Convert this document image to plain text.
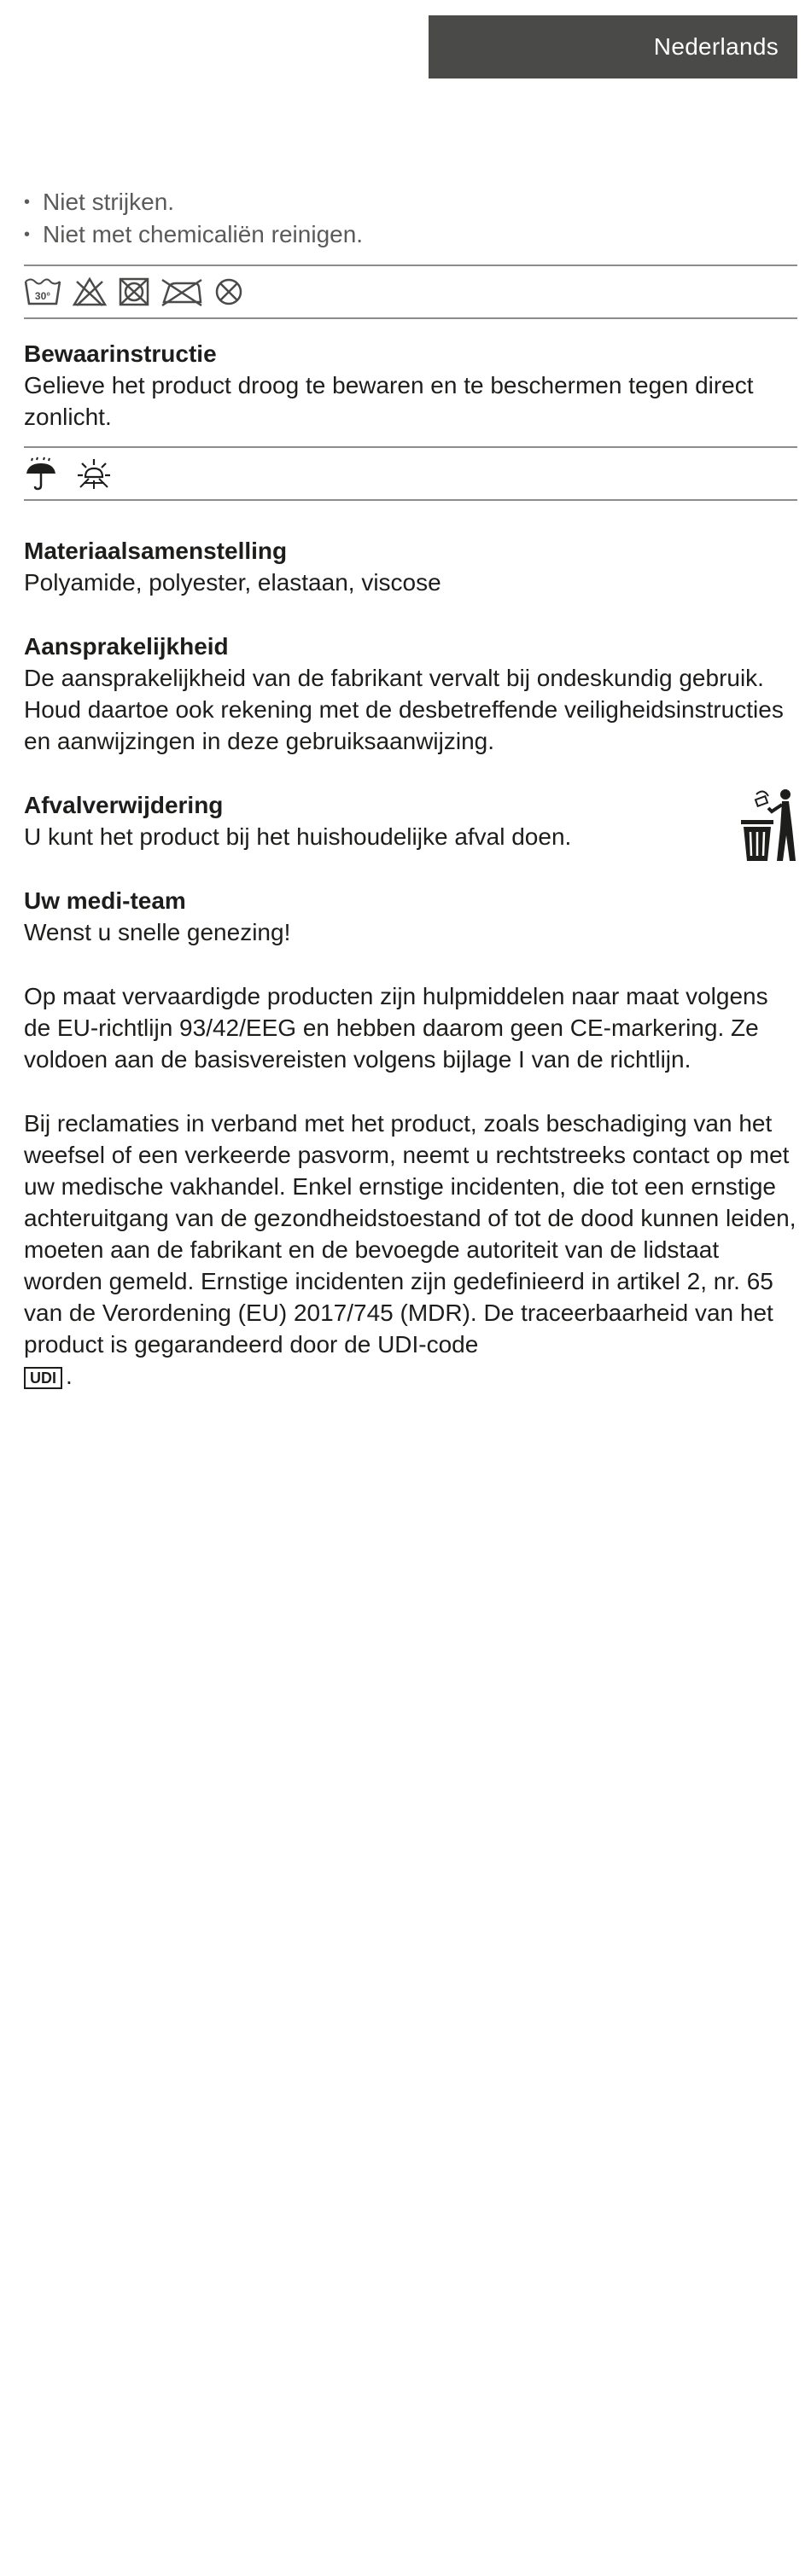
Nederlands
• Niet strijken.
• Niet met chemicaliën reinigen.
30°
Bewaarinstructie

Gelieve het product droog te bewaren en te beschermen tegen direct zonlicht.

Materiaalsamenstelling

Polyamide, polyester, elastaan, viscose

Aansprakelijkheid

De aansprakelijkheid van de fabrikant vervalt bij ondeskundig gebruik. Houd daartoe ook rekening met de desbetreffende veiligheidsinstructies en aanwijzingen in deze gebruiksaanwijzing.

Afvalverwijdering

U kunt het product bij het huishoudelijke afval doen.

Uw medi-team

Wenst u snelle genezing!

Op maat vervaardigde producten zijn hulpmiddelen naar maat volgens de EU-richtlijn 93/42/EEG en hebben daarom geen CE-markering. Ze voldoen aan de basisvereisten volgens bijlage I van de richtlijn.

Bij reclamaties in verband met het product, zoals beschadiging van het weefsel of een verkeerde pasvorm, neemt u rechtstreeks contact op met uw medische vakhandel. Enkel ernstige incidenten, die tot een ernstige achteruitgang van de gezondheidstoestand of tot de dood kunnen leiden, moeten aan de fabrikant en de bevoegde autoriteit van de lidstaat worden gemeld. Ernstige incidenten zijn gedefinieerd in artikel 2, nr. 65 van de Verordening (EU) 2017/745 (MDR). De traceerbaarheid van het product is gegarandeerd door de UDI-code
UDI .
